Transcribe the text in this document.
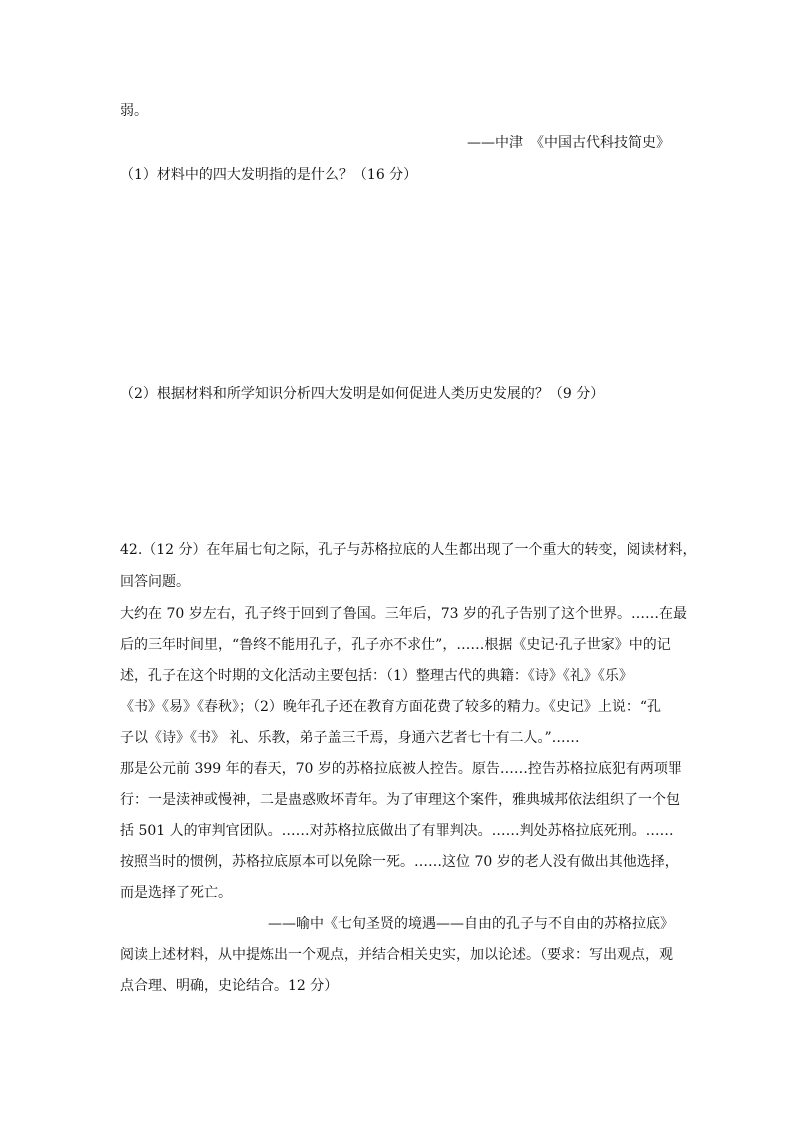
弱。
——中津　《中国古代科技简史》
（1）材料中的四大发明指的是什么？（16 分）
（2）根据材料和所学知识分析四大发明是如何促进人类历史发展的？（9 分）
42.（12 分）在年届七旬之际，孔子与苏格拉底的人生都出现了一个重大的转变，阅读材料，
回答问题。
大约在 70 岁左右，孔子终于回到了鲁国。三年后，73 岁的孔子告别了这个世界。……在最
后的三年时间里，“鲁终不能用孔子，孔子亦不求仕”，……根据《史记·孔子世家》中的记
述，孔子在这个时期的文化活动主要包括：（1）整理古代的典籍：《诗》《礼》《乐》
《书》《易》《春秋》；（2）晚年孔子还在教育方面花费了较多的精力。《史记》上说：“孔
子以《诗》《书》 礼、乐教，弟子盖三千焉，身通六艺者七十有二人。”……
那是公元前 399 年的春天，70 岁的苏格拉底被人控告。原告……控告苏格拉底犯有两项罪
行：一是渎神或慢神，二是蛊惑败坏青年。为了审理这个案件，雅典城邦依法组织了一个包
括 501 人的审判官团队。……对苏格拉底做出了有罪判决。……判处苏格拉底死刑。……
按照当时的惯例，苏格拉底原本可以免除一死。……这位 70 岁的老人没有做出其他选择，
而是选择了死亡。
——喻中《七旬圣贤的境遇——自由的孔子与不自由的苏格拉底》
阅读上述材料，从中提炼出一个观点，并结合相关史实，加以论述。（要求：写出观点，观
点合理、明确，史论结合。12 分）
